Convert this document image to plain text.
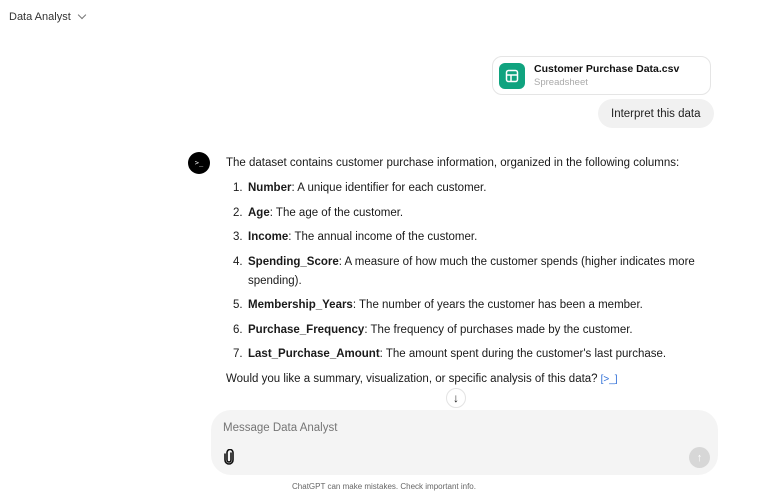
Data Analyst
Customer Purchase Data.csv
Spreadsheet
Interpret this data
>_	The dataset contains customer purchase information, organized in the following columns:
1. Number: A unique identifier for each customer.
2. Age: The age of the customer.
3. Income: The annual income of the customer.
4. Spending_Score: A measure of how much the customer spends (higher indicates more spending).
5. Membership_Years: The number of years the customer has been a member.
6. Purchase_Frequency: The frequency of purchases made by the customer.
7. Last_Purchase_Amount: The amount spent during the customer's last purchase.
Would you like a summary, visualization, or specific analysis of this data? [>_]
↓
Message Data Analyst
↑
ChatGPT can make mistakes. Check important info.
